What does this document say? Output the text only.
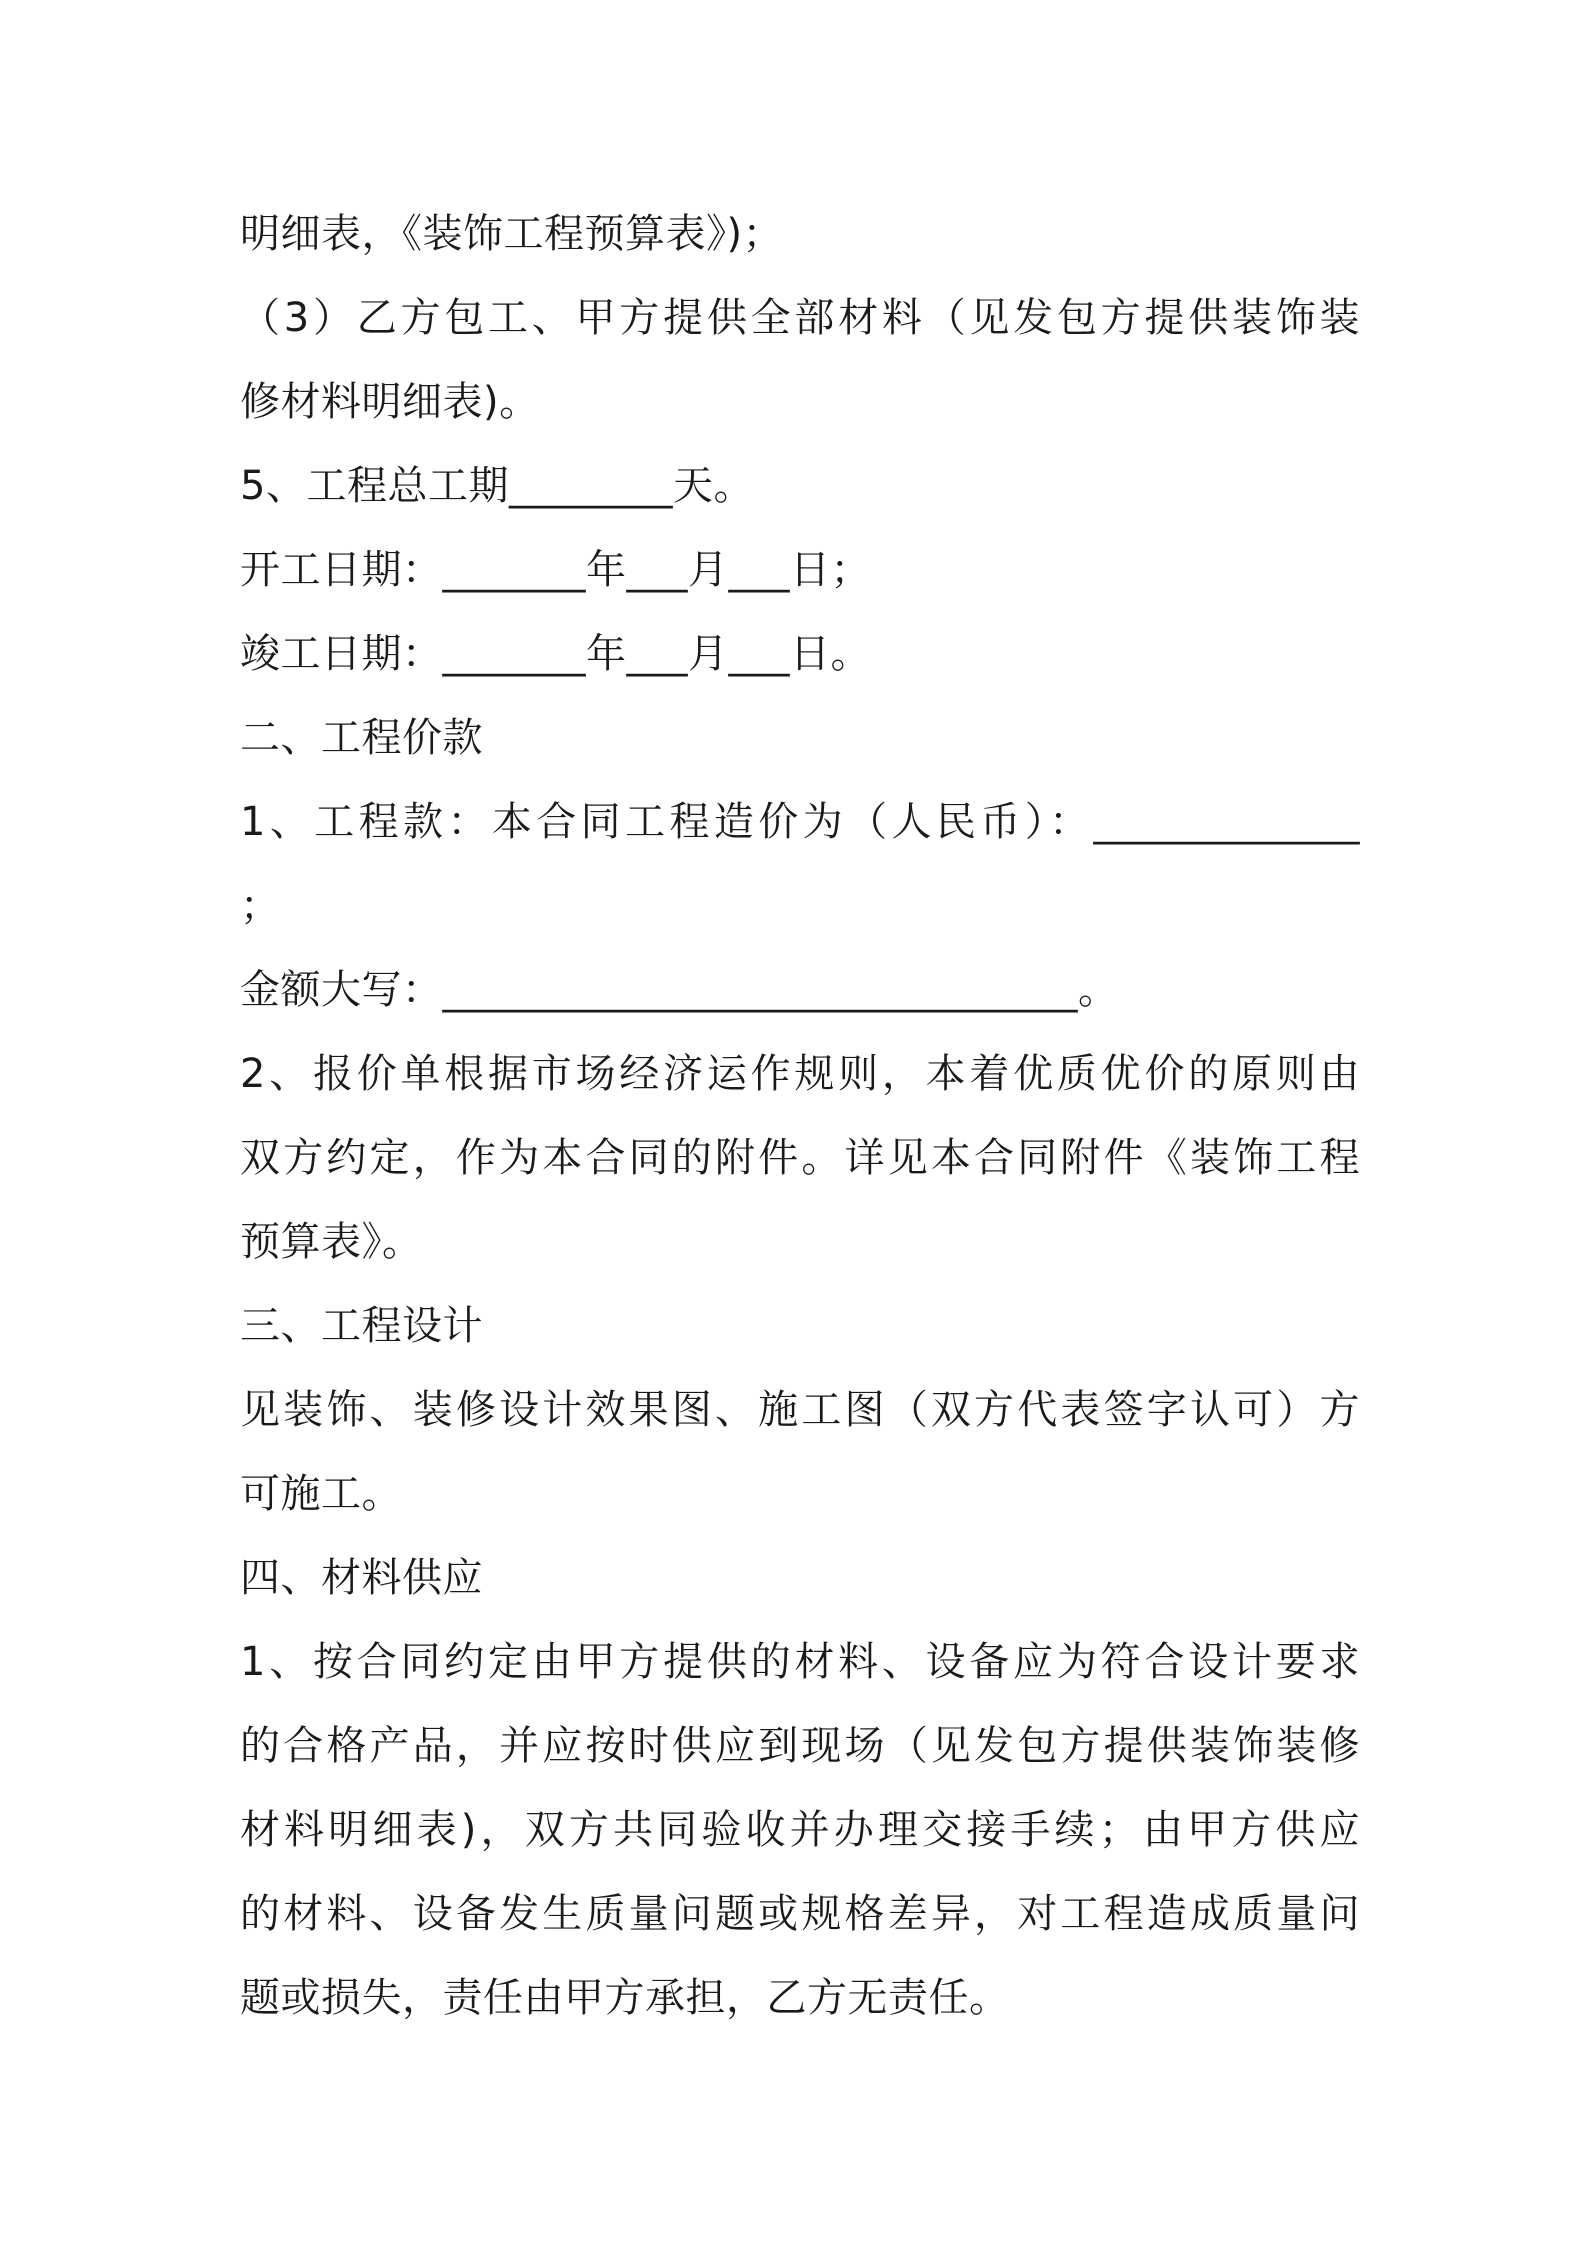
明细表，《装饰工程预算表》)；
（3）乙方包工、甲方提供全部材料（见发包方提供装饰装
修材料明细表)。
5、工程总工期________天。
开工日期：_______年___月___日；
竣工日期：_______年___月___日。
二、工程价款
1、工程款：本合同工程造价为（人民币）：_____________
；
金额大写：_______________________________。
2、报价单根据市场经济运作规则，本着优质优价的原则由
双方约定，作为本合同的附件。详见本合同附件《装饰工程
预算表》。
三、工程设计
见装饰、装修设计效果图、施工图（双方代表签字认可）方
可施工。
四、材料供应
1、按合同约定由甲方提供的材料、设备应为符合设计要求
的合格产品，并应按时供应到现场（见发包方提供装饰装修
材料明细表)，双方共同验收并办理交接手续；由甲方供应
的材料、设备发生质量问题或规格差异，对工程造成质量问
题或损失，责任由甲方承担，乙方无责任。
